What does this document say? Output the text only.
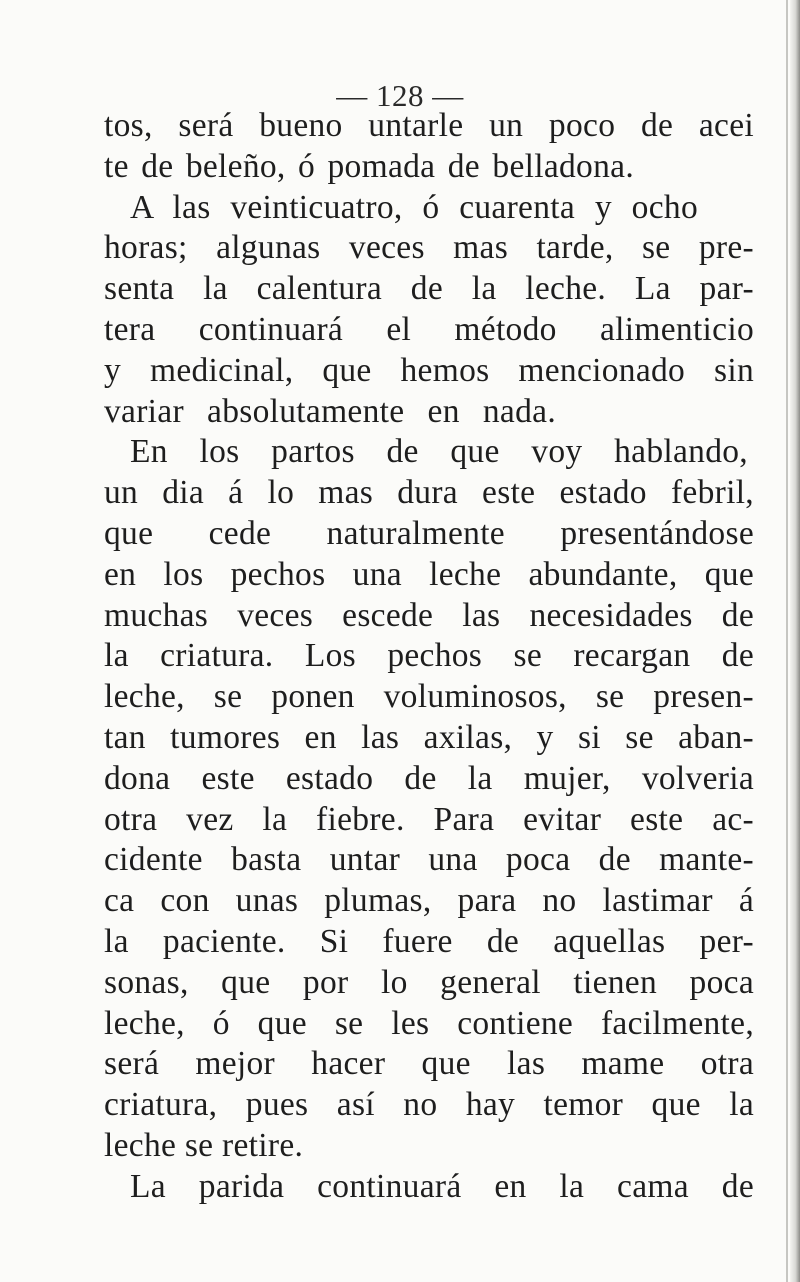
— 128 —
tos, será bueno untarle un poco de acei
te de beleño, ó pomada de belladona.
A las veinticuatro, ó cuarenta y ocho
horas; algunas veces mas tarde, se pre-
senta la calentura de la leche. La par-
tera continuará el método alimenticio
y medicinal, que hemos mencionado sin
variar absolutamente en nada.
En los partos de que voy hablando,
un dia á lo mas dura este estado febril,
que cede naturalmente presentándose
en los pechos una leche abundante, que
muchas veces escede las necesidades de
la criatura. Los pechos se recargan de
leche, se ponen voluminosos, se presen-
tan tumores en las axilas, y si se aban-
dona este estado de la mujer, volveria
otra vez la fiebre. Para evitar este ac-
cidente basta untar una poca de mante-
ca con unas plumas, para no lastimar á
la paciente. Si fuere de aquellas per-
sonas, que por lo general tienen poca
leche, ó que se les contiene facilmente,
será mejor hacer que las mame otra
criatura, pues así no hay temor que la
leche se retire.
La parida continuará en la cama de
